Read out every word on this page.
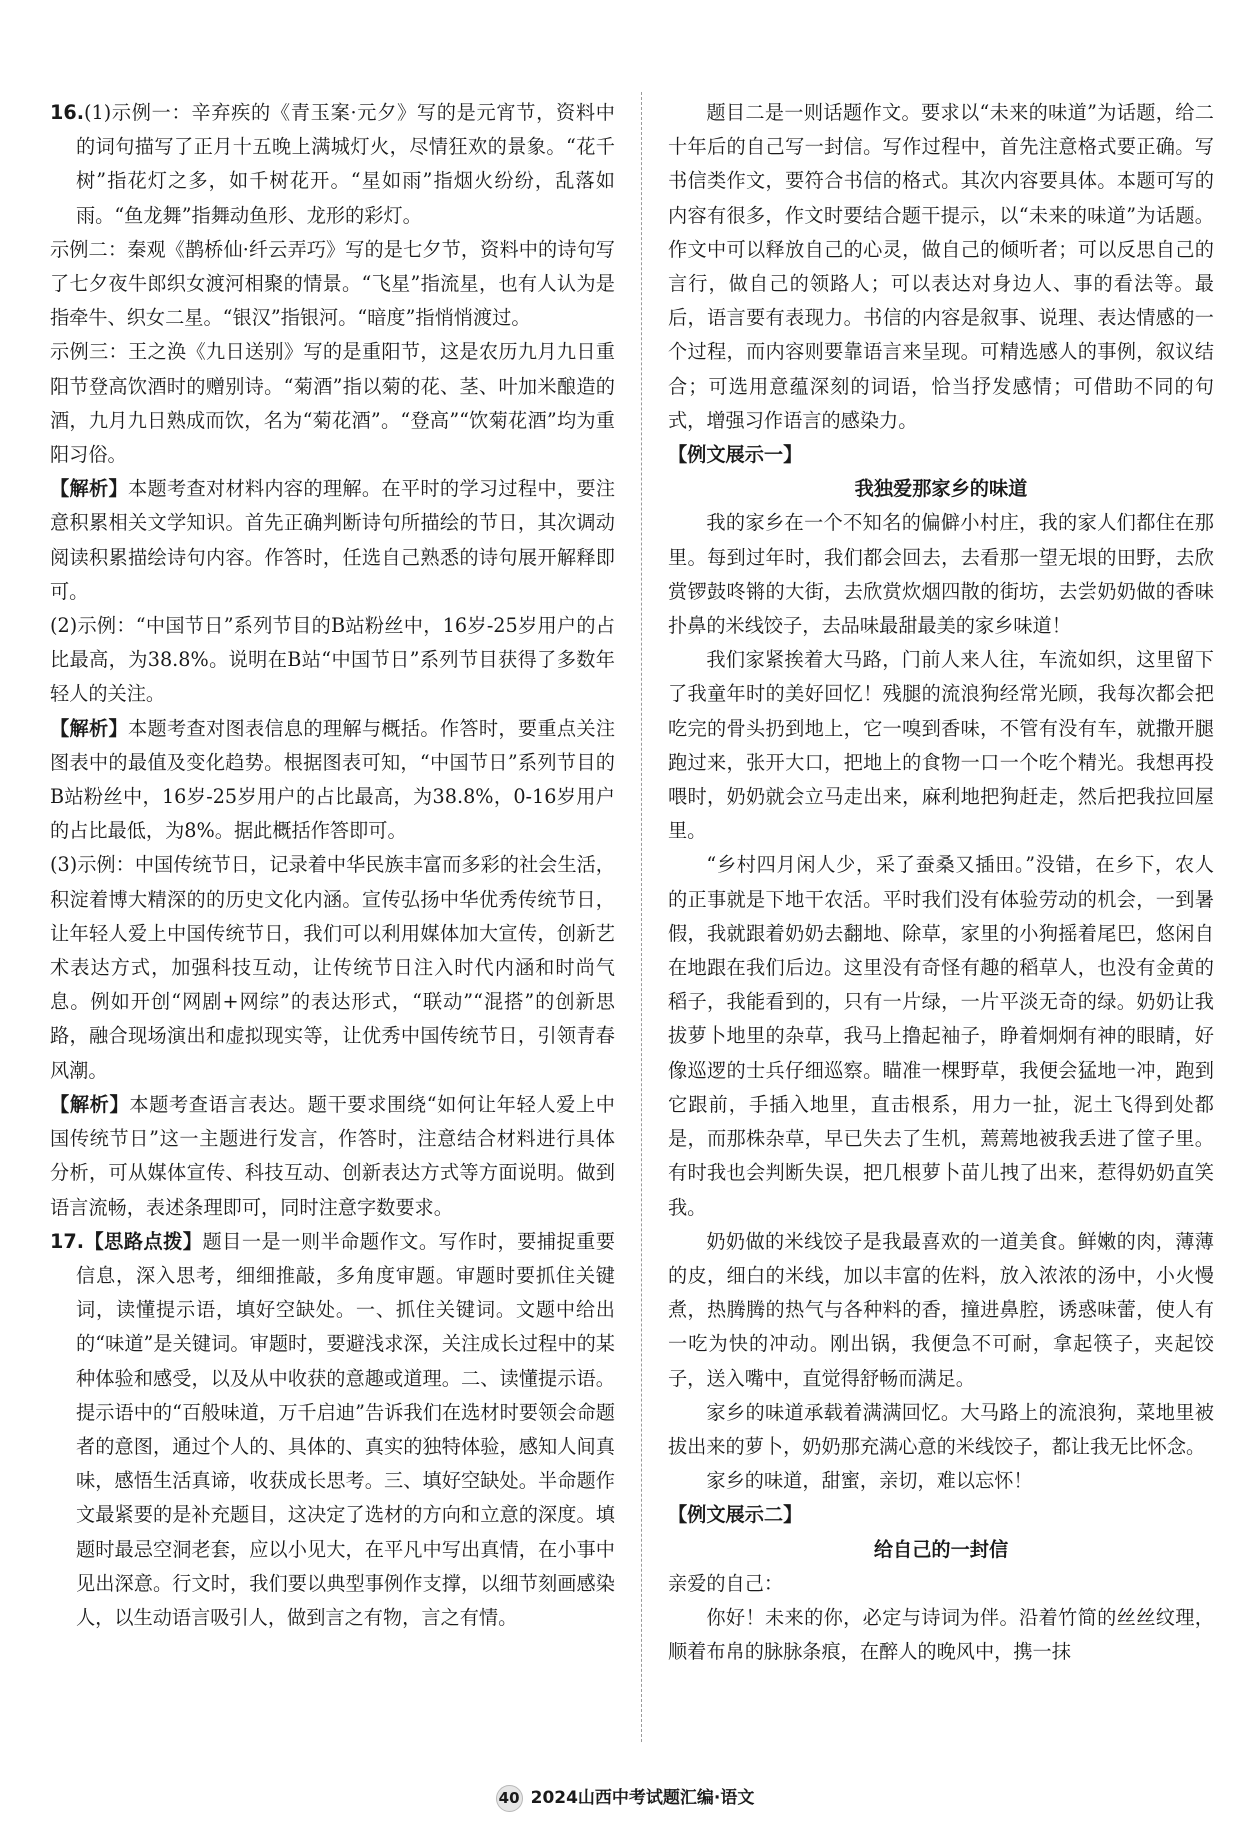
16.(1)示例一：辛弃疾的《青玉案·元夕》写的是元宵节，资料中的词句描写了正月十五晚上满城灯火，尽情狂欢的景象。“花千树”指花灯之多，如千树花开。“星如雨”指烟火纷纷，乱落如雨。“鱼龙舞”指舞动鱼形、龙形的彩灯。

示例二：秦观《鹊桥仙·纤云弄巧》写的是七夕节，资料中的诗句写了七夕夜牛郎织女渡河相聚的情景。“飞星”指流星，也有人认为是指牵牛、织女二星。“银汉”指银河。“暗度”指悄悄渡过。

示例三：王之涣《九日送别》写的是重阳节，这是农历九月九日重阳节登高饮酒时的赠别诗。“菊酒”指以菊的花、茎、叶加米酿造的酒，九月九日熟成而饮，名为“菊花酒”。“登高”“饮菊花酒”均为重阳习俗。

【解析】本题考查对材料内容的理解。在平时的学习过程中，要注意积累相关文学知识。首先正确判断诗句所描绘的节日，其次调动阅读积累描绘诗句内容。作答时，任选自己熟悉的诗句展开解释即可。

(2)示例：“中国节日”系列节目的B站粉丝中，16岁-25岁用户的占比最高，为38.8%。说明在B站“中国节日”系列节目获得了多数年轻人的关注。

【解析】本题考查对图表信息的理解与概括。作答时，要重点关注图表中的最值及变化趋势。根据图表可知，“中国节日”系列节目的B站粉丝中，16岁-25岁用户的占比最高，为38.8%，0-16岁用户的占比最低，为8%。据此概括作答即可。

(3)示例：中国传统节日，记录着中华民族丰富而多彩的社会生活，积淀着博大精深的的历史文化内涵。宣传弘扬中华优秀传统节日，让年轻人爱上中国传统节日，我们可以利用媒体加大宣传，创新艺术表达方式，加强科技互动，让传统节日注入时代内涵和时尚气息。例如开创“网剧+网综”的表达形式，“联动”“混搭”的创新思路，融合现场演出和虚拟现实等，让优秀中国传统节日，引领青春风潮。

【解析】本题考查语言表达。题干要求围绕“如何让年轻人爱上中国传统节日”这一主题进行发言，作答时，注意结合材料进行具体分析，可从媒体宣传、科技互动、创新表达方式等方面说明。做到语言流畅，表述条理即可，同时注意字数要求。

17.【思路点拨】题目一是一则半命题作文。写作时，要捕捉重要信息，深入思考，细细推敲，多角度审题。审题时要抓住关键词，读懂提示语，填好空缺处。一、抓住关键词。文题中给出的“味道”是关键词。审题时，要避浅求深，关注成长过程中的某种体验和感受，以及从中收获的意趣或道理。二、读懂提示语。提示语中的“百般味道，万千启迪”告诉我们在选材时要领会命题者的意图，通过个人的、具体的、真实的独特体验，感知人间真味，感悟生活真谛，收获成长思考。三、填好空缺处。半命题作文最紧要的是补充题目，这决定了选材的方向和立意的深度。填题时最忌空洞老套，应以小见大，在平凡中写出真情，在小事中见出深意。行文时，我们要以典型事例作支撑，以细节刻画感染人，以生动语言吸引人，做到言之有物，言之有情。

题目二是一则话题作文。要求以“未来的味道”为话题，给二十年后的自己写一封信。写作过程中，首先注意格式要正确。写书信类作文，要符合书信的格式。其次内容要具体。本题可写的内容有很多，作文时要结合题干提示，以“未来的味道”为话题。作文中可以释放自己的心灵，做自己的倾听者；可以反思自己的言行，做自己的领路人；可以表达对身边人、事的看法等。最后，语言要有表现力。书信的内容是叙事、说理、表达情感的一个过程，而内容则要靠语言来呈现。可精选感人的事例，叙议结合；可选用意蕴深刻的词语，恰当抒发感情；可借助不同的句式，增强习作语言的感染力。

【例文展示一】

我独爱那家乡的味道

我的家乡在一个不知名的偏僻小村庄，我的家人们都住在那里。每到过年时，我们都会回去，去看那一望无垠的田野，去欣赏锣鼓咚锵的大街，去欣赏炊烟四散的街坊，去尝奶奶做的香味扑鼻的米线饺子，去品味最甜最美的家乡味道！

我们家紧挨着大马路，门前人来人往，车流如织，这里留下了我童年时的美好回忆！残腿的流浪狗经常光顾，我每次都会把吃完的骨头扔到地上，它一嗅到香味，不管有没有车，就撒开腿跑过来，张开大口，把地上的食物一口一个吃个精光。我想再投喂时，奶奶就会立马走出来，麻利地把狗赶走，然后把我拉回屋里。

“乡村四月闲人少，采了蚕桑又插田。”没错，在乡下，农人的正事就是下地干农活。平时我们没有体验劳动的机会，一到暑假，我就跟着奶奶去翻地、除草，家里的小狗摇着尾巴，悠闲自在地跟在我们后边。这里没有奇怪有趣的稻草人，也没有金黄的稻子，我能看到的，只有一片绿，一片平淡无奇的绿。奶奶让我拔萝卜地里的杂草，我马上撸起袖子，睁着炯炯有神的眼睛，好像巡逻的士兵仔细巡察。瞄准一棵野草，我便会猛地一冲，跑到它跟前，手插入地里，直击根系，用力一扯，泥土飞得到处都是，而那株杂草，早已失去了生机，蔫蔫地被我丢进了筐子里。有时我也会判断失误，把几根萝卜苗儿拽了出来，惹得奶奶直笑我。

奶奶做的米线饺子是我最喜欢的一道美食。鲜嫩的肉，薄薄的皮，细白的米线，加以丰富的佐料，放入浓浓的汤中，小火慢煮，热腾腾的热气与各种料的香，撞进鼻腔，诱惑味蕾，使人有一吃为快的冲动。刚出锅，我便急不可耐，拿起筷子，夹起饺子，送入嘴中，直觉得舒畅而满足。

家乡的味道承载着满满回忆。大马路上的流浪狗，菜地里被拔出来的萝卜，奶奶那充满心意的米线饺子，都让我无比怀念。

家乡的味道，甜蜜，亲切，难以忘怀！

【例文展示二】

给自己的一封信

亲爱的自己：

你好！未来的你，必定与诗词为伴。沿着竹简的丝丝纹理，顺着布帛的脉脉条痕，在醉人的晚风中，携一抹

40 2024山西中考试题汇编·语文
